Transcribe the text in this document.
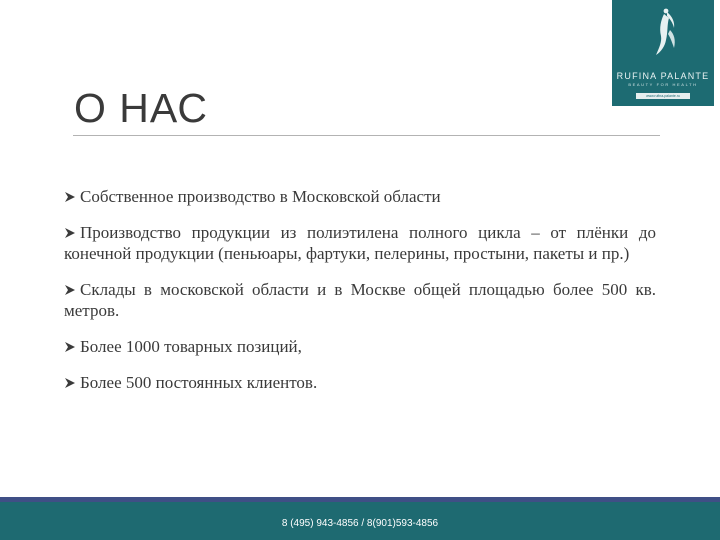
RUFINA PALANTE
BEAUTY FOR HEALTH
www.rufina-palante.ru
О НАС
Собственное производство в Московской области
Производство продукции из полиэтилена полного цикла – от плёнки до конечной продукции (пеньюары, фартуки, пелерины, простыни, пакеты и пр.)
Склады в московской области и в Москве общей площадью более 500 кв. метров.
Более 1000 товарных позиций,
Более 500 постоянных клиентов.
8 (495) 943-4856 / 8(901)593-4856
